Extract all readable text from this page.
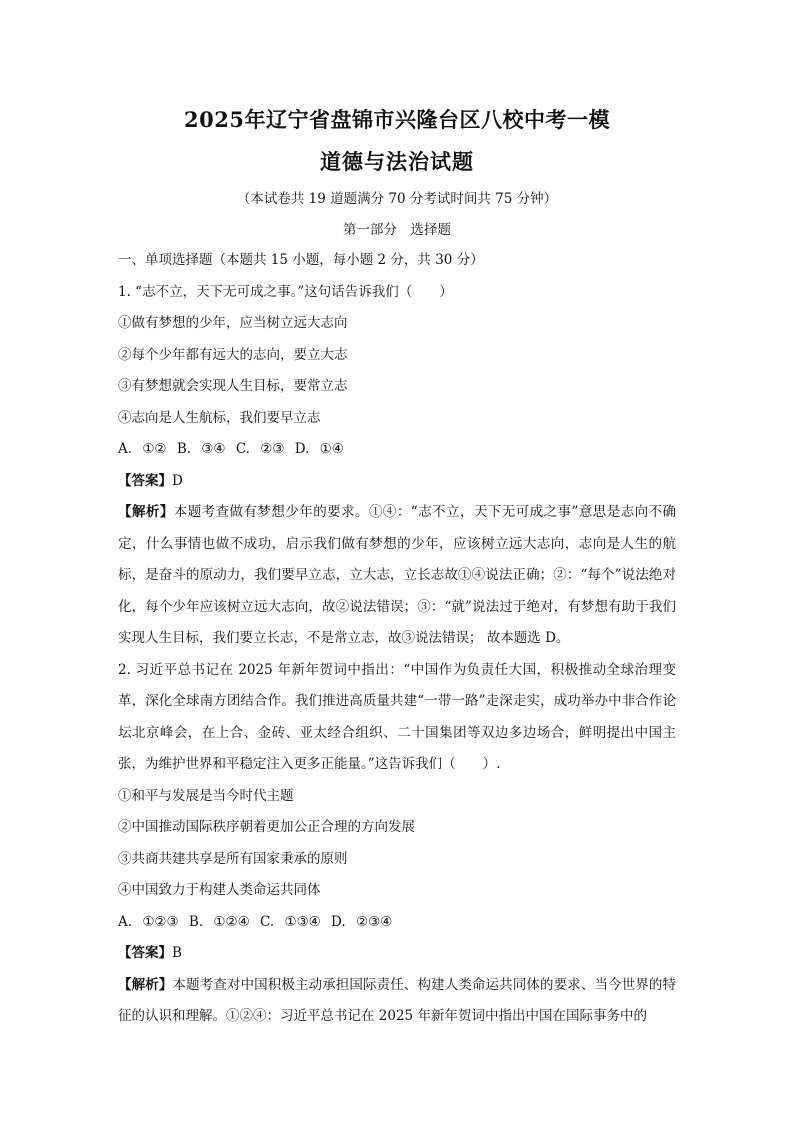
2025年辽宁省盘锦市兴隆台区八校中考一模
道德与法治试题
（本试卷共 19 道题满分 70 分考试时间共 75 分钟）
第一部分　选择题
一、单项选择题（本题共 15 小题，每小题 2 分，共 30 分）
1. “志不立，天下无可成之事。”这句话告诉我们（　　）
①做有梦想的少年，应当树立远大志向
②每个少年都有远大的志向，要立大志
③有梦想就会实现人生目标，要常立志
④志向是人生航标，我们要早立志
A. ①② B. ③④ C. ②③ D. ①④
【答案】D
【解析】本题考查做有梦想少年的要求。①④：“志不立，天下无可成之事”意思是志向不确定，什么事情也做不成功，启示我们做有梦想的少年，应该树立远大志向，志向是人生的航标，是奋斗的原动力，我们要早立志，立大志，立长志故①④说法正确；②：“每个”说法绝对化，每个少年应该树立远大志向，故②说法错误；③：“就”说法过于绝对，有梦想有助于我们实现人生目标，我们要立长志，不是常立志，故③说法错误； 故本题选 D。
2. 习近平总书记在 2025 年新年贺词中指出：“中国作为负责任大国，积极推动全球治理变革，深化全球南方团结合作。我们推进高质量共建“一带一路”走深走实，成功举办中非合作论坛北京峰会，在上合、金砖、亚太经合组织、二十国集团等双边多边场合，鲜明提出中国主张，为维护世界和平稳定注入更多正能量。”这告诉我们（　　）.
①和平与发展是当今时代主题
②中国推动国际秩序朝着更加公正合理的方向发展
③共商共建共享是所有国家秉承的原则
④中国致力于构建人类命运共同体
A. ①②③ B. ①②④ C. ①③④ D. ②③④
【答案】B
【解析】本题考查对中国积极主动承担国际责任、构建人类命运共同体的要求、当今世界的特征的认识和理解。①②④：习近平总书记在 2025 年新年贺词中指出中国在国际事务中的
